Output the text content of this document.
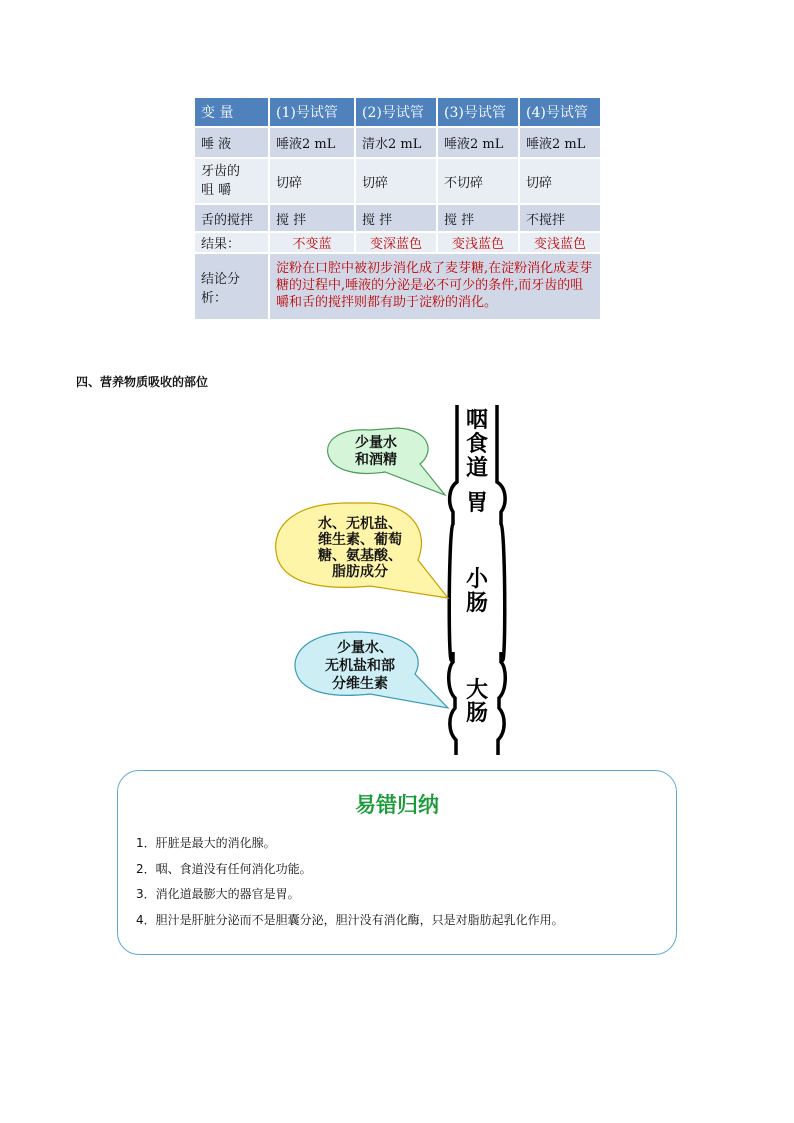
变 量	(1)号试管	(2)号试管	(3)号试管	(4)号试管
唾 液	唾液2 mL	清水2 mL	唾液2 mL	唾液2 mL
牙齿的
咀 嚼	切碎	切碎	不切碎	切碎
舌的搅拌	搅 拌	搅 拌	搅 拌	不搅拌
结果：	不变蓝	变深蓝色	变浅蓝色	变浅蓝色
结论分析：	淀粉在口腔中被初步消化成了麦芽糖,在淀粉消化成麦芽糖的过程中,唾液的分泌是必不可少的条件,而牙齿的咀嚼和舌的搅拌则都有助于淀粉的消化。			
四、营养物质吸收的部位
少量水
和酒精
水、无机盐、
维生素、葡萄
糖、氨基酸、
脂肪成分
少量水、
无机盐和部
分维生素
咽
食
道
胃
小
肠
大
肠
易错归纳
1．肝脏是最大的消化腺。
2．咽、食道没有任何消化功能。
3．消化道最膨大的器官是胃。
4．胆汁是肝脏分泌而不是胆囊分泌，胆汁没有消化酶，只是对脂肪起乳化作用。
